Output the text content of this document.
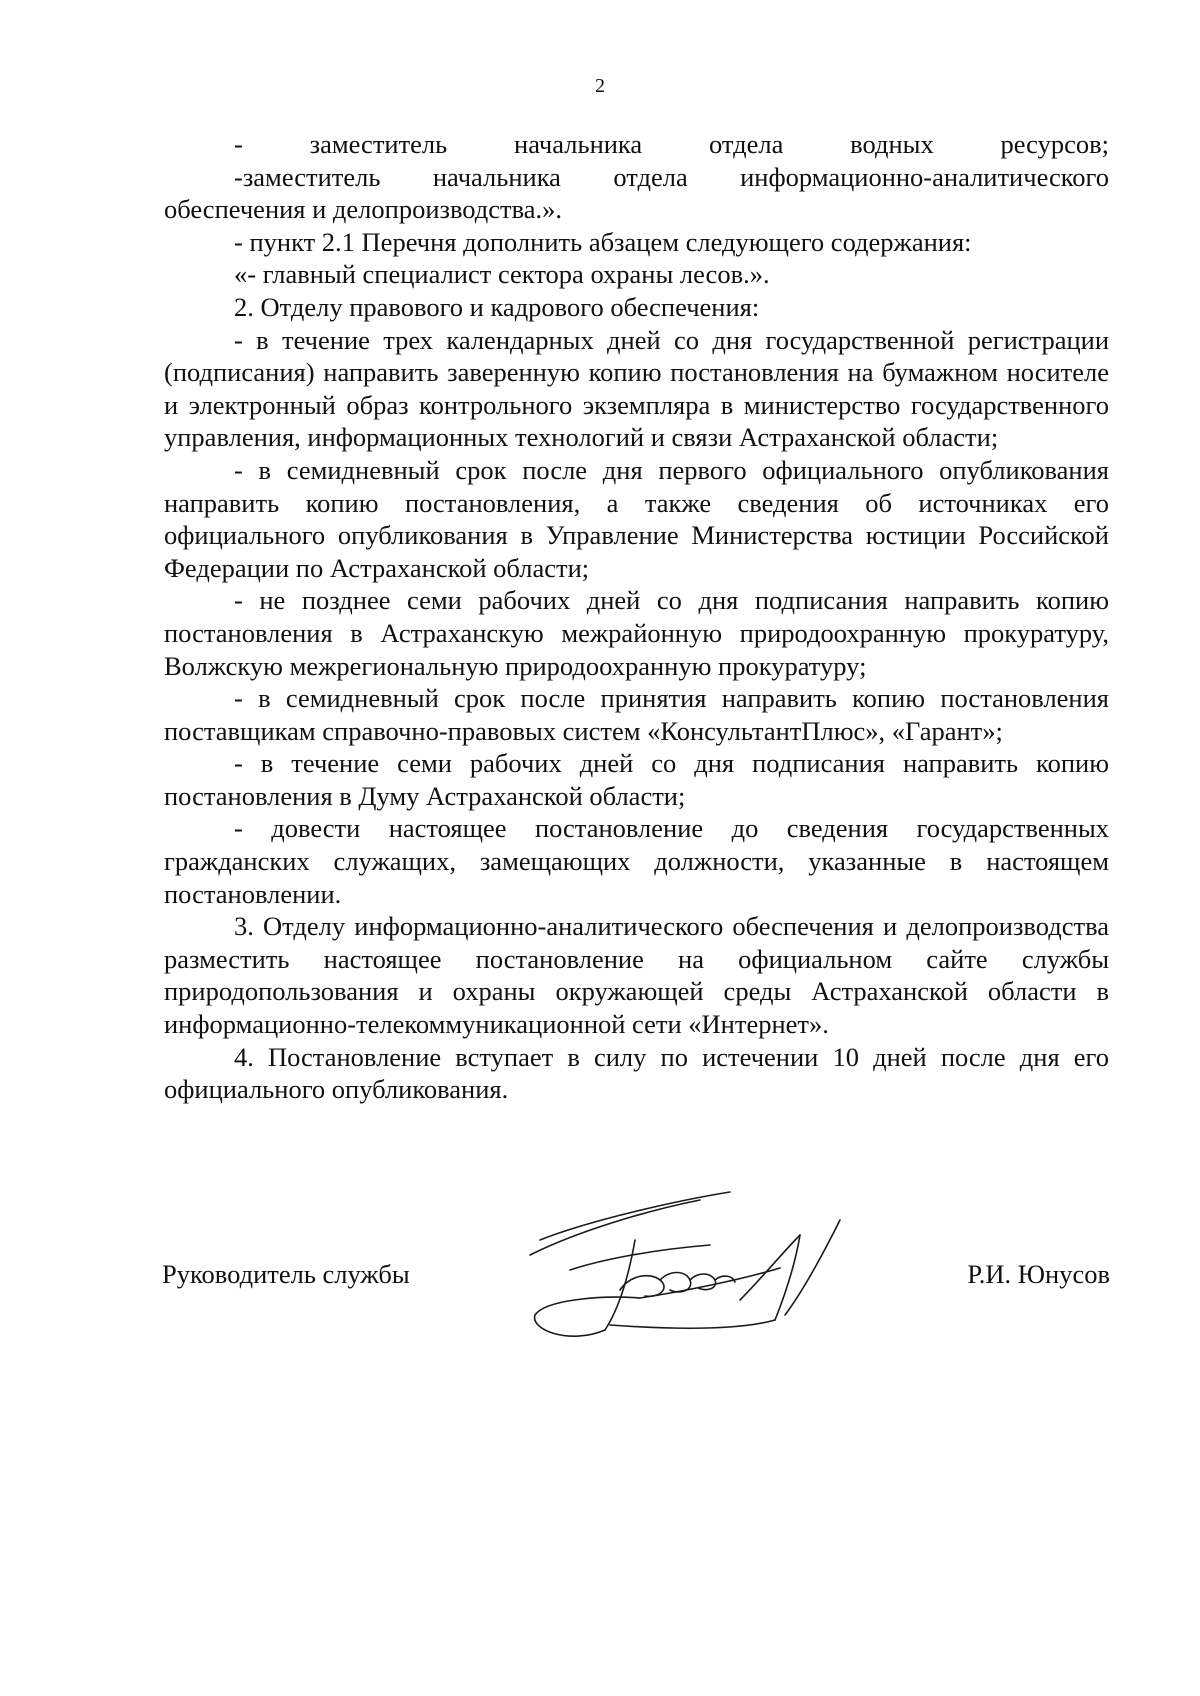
2

- заместитель начальника отдела водных ресурсов;

-заместитель начальника отдела информационно-аналитического обеспечения и делопроизводства.».

- пункт 2.1 Перечня дополнить абзацем следующего содержания:

«- главный специалист сектора охраны лесов.».

2. Отделу правового и кадрового обеспечения:

- в течение трех календарных дней со дня государственной регистрации (подписания) направить заверенную копию постановления на бумажном носителе и электронный образ контрольного экземпляра в министерство государственного управления, информационных технологий и связи Астраханской области;

- в семидневный срок после дня первого официального опубликования направить копию постановления, а также сведения об источниках его официального опубликования в Управление Министерства юстиции Российской Федерации по Астраханской области;

- не позднее семи рабочих дней со дня подписания направить копию постановления в Астраханскую межрайонную природоохранную прокуратуру, Волжскую межрегиональную природоохранную прокуратуру;

- в семидневный срок после принятия направить копию постановления поставщикам справочно-правовых систем «КонсультантПлюс», «Гарант»;

- в течение семи рабочих дней со дня подписания направить копию постановления в Думу Астраханской области;

- довести настоящее постановление до сведения государственных гражданских служащих, замещающих должности, указанные в настоящем постановлении.

3. Отделу информационно-аналитического обеспечения и делопроизводства разместить настоящее постановление на официальном сайте службы природопользования и охраны окружающей среды Астраханской области в информационно-телекоммуникационной сети «Интернет».

4. Постановление вступает в силу по истечении 10 дней после дня его официального опубликования.

Руководитель службы	Р.И. Юнусов
